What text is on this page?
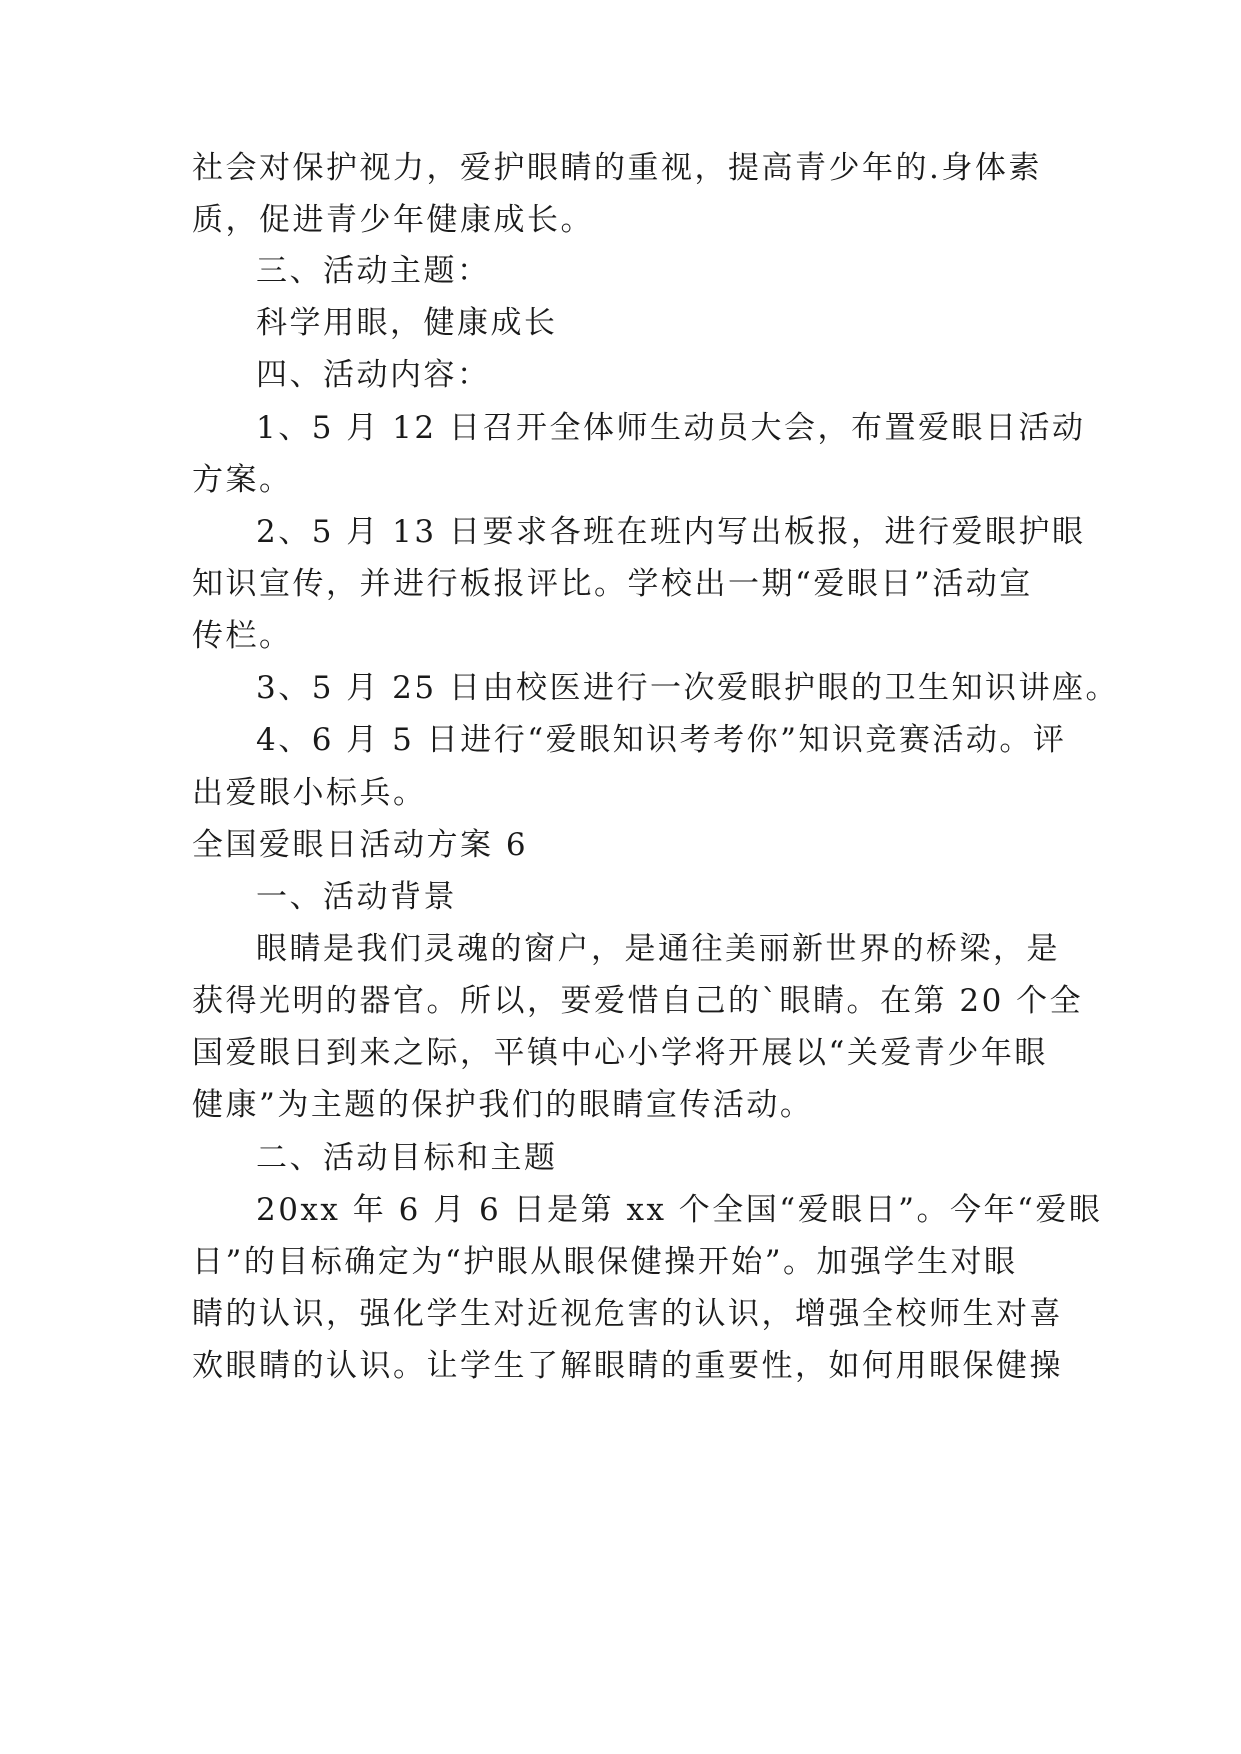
社会对保护视力，爱护眼睛的重视，提高青少年的.身体素
质，促进青少年健康成长。
三、活动主题：
科学用眼，健康成长
四、活动内容：
1、5 月 12 日召开全体师生动员大会，布置爱眼日活动
方案。
2、5 月 13 日要求各班在班内写出板报，进行爱眼护眼
知识宣传，并进行板报评比。学校出一期“爱眼日”活动宣
传栏。
3、5 月 25 日由校医进行一次爱眼护眼的卫生知识讲座。
4、6 月 5 日进行“爱眼知识考考你”知识竞赛活动。评
出爱眼小标兵。
全国爱眼日活动方案 6
一、活动背景
眼睛是我们灵魂的窗户，是通往美丽新世界的桥梁，是
获得光明的器官。所以，要爱惜自己的`眼睛。在第 20 个全
国爱眼日到来之际，平镇中心小学将开展以“关爱青少年眼
健康”为主题的保护我们的眼睛宣传活动。
二、活动目标和主题
20xx 年 6 月 6 日是第 xx 个全国“爱眼日”。今年“爱眼
日”的目标确定为“护眼从眼保健操开始”。加强学生对眼
睛的认识，强化学生对近视危害的认识，增强全校师生对喜
欢眼睛的认识。让学生了解眼睛的重要性，如何用眼保健操
